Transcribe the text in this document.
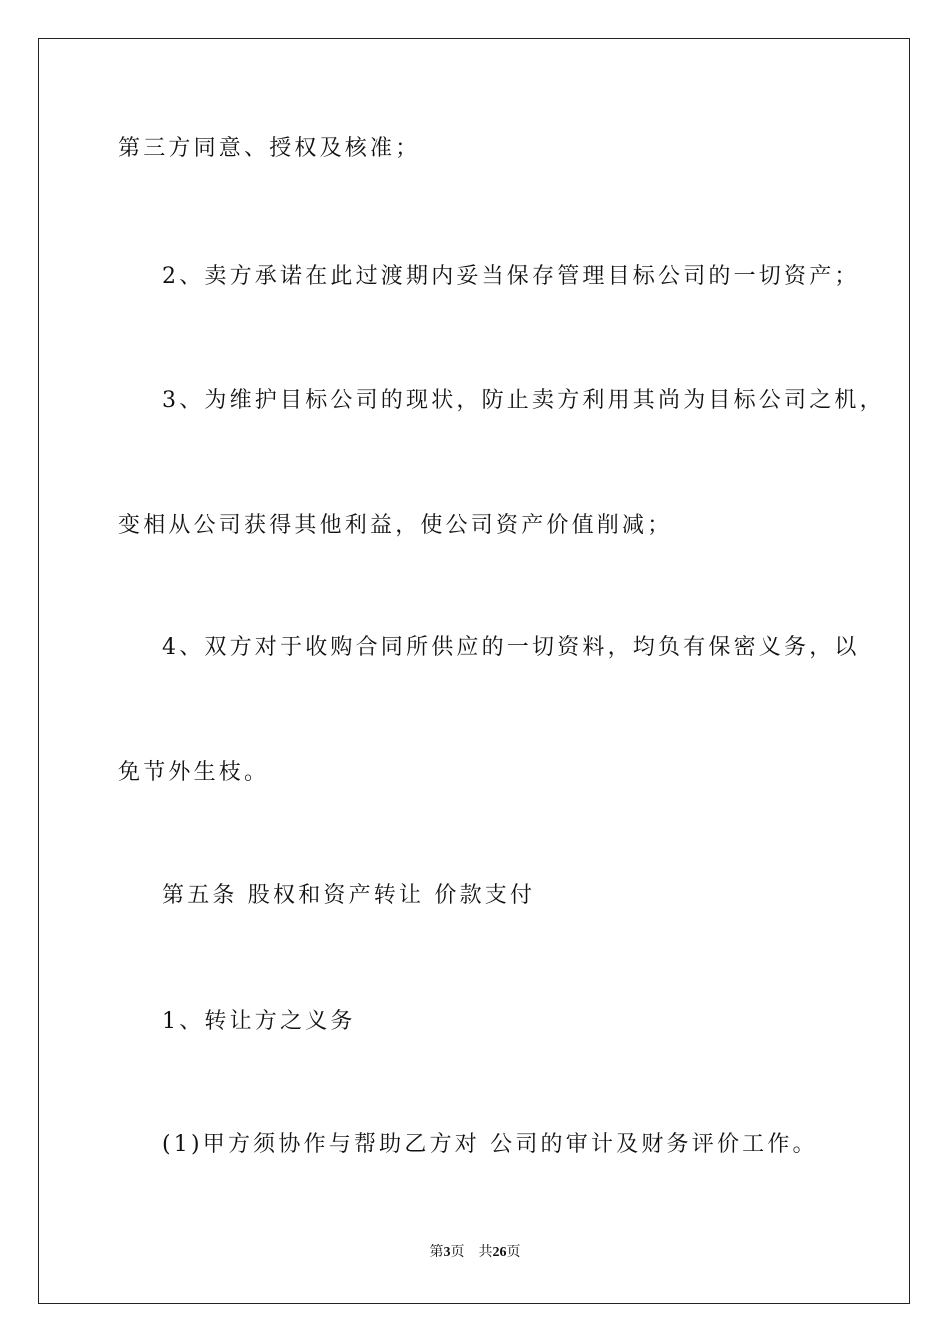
第三方同意、授权及核准；
2、卖方承诺在此过渡期内妥当保存管理目标公司的一切资产；
3、为维护目标公司的现状，防止卖方利用其尚为目标公司之机，
变相从公司获得其他利益，使公司资产价值削减；
4、双方对于收购合同所供应的一切资料，均负有保密义务，以
免节外生枝。
第五条 股权和资产转让 价款支付
1、转让方之义务
(1)甲方须协作与帮助乙方对 公司的审计及财务评价工作。
第3页 共26页
